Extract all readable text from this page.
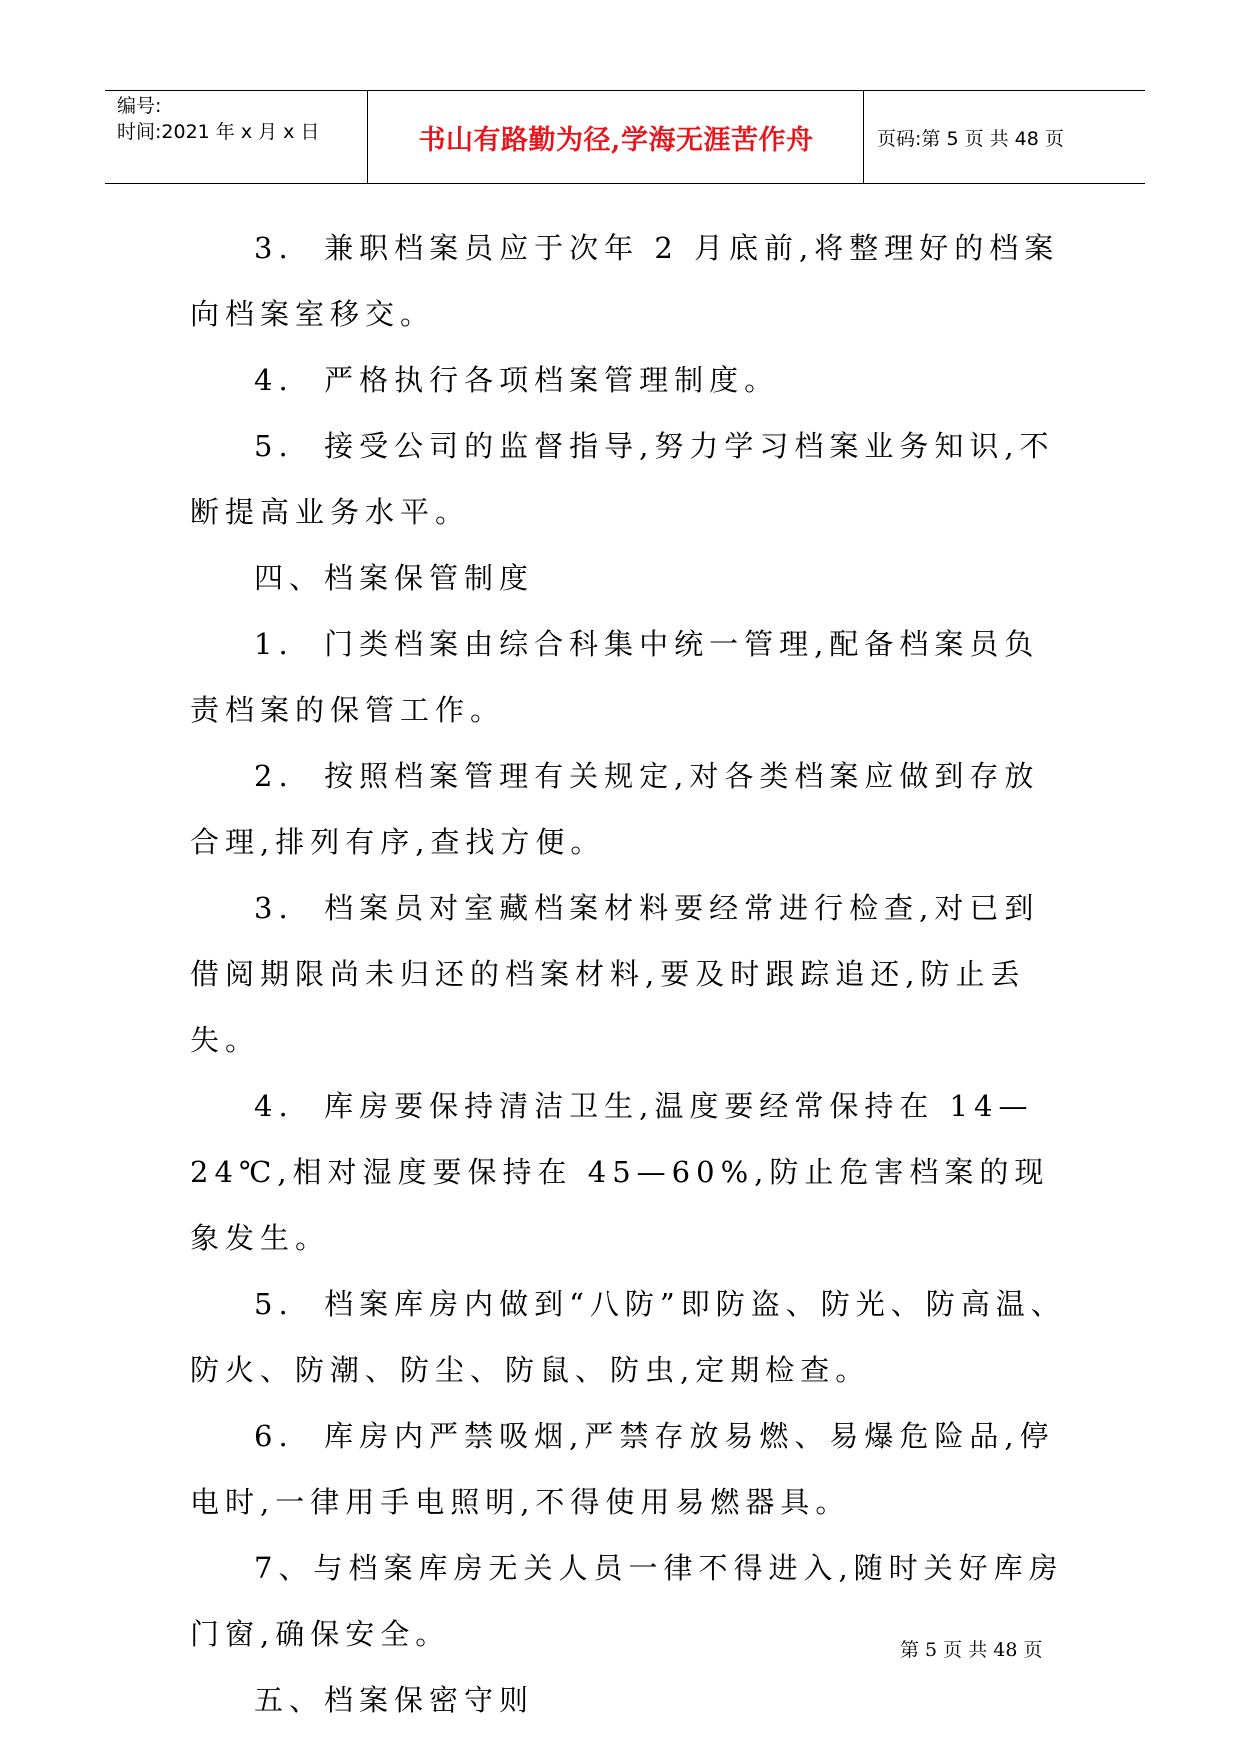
编号:
时间:2021 年 x 月 x 日	书山有路勤为径,学海无涯苦作舟	页码:第 5 页 共 48 页

3.  兼职档案员应于次年 2 月底前,将整理好的档案向档案室移交。

4.  严格执行各项档案管理制度。

5.  接受公司的监督指导,努力学习档案业务知识,不断提高业务水平。

四、档案保管制度

1.  门类档案由综合科集中统一管理,配备档案员负责档案的保管工作。

2.  按照档案管理有关规定,对各类档案应做到存放合理,排列有序,查找方便。

3.  档案员对室藏档案材料要经常进行检查,对已到借阅期限尚未归还的档案材料,要及时跟踪追还,防止丢失。

4.  库房要保持清洁卫生,温度要经常保持在 14—24℃,相对湿度要保持在 45—60%,防止危害档案的现象发生。

5.  档案库房内做到“八防”即防盗、防光、防高温、防火、防潮、防尘、防鼠、防虫,定期检查。

6.  库房内严禁吸烟,严禁存放易燃、易爆危险品,停电时,一律用手电照明,不得使用易燃器具。

7、与档案库房无关人员一律不得进入,随时关好库房门窗,确保安全。

五、档案保密守则

第 5 页 共 48 页
